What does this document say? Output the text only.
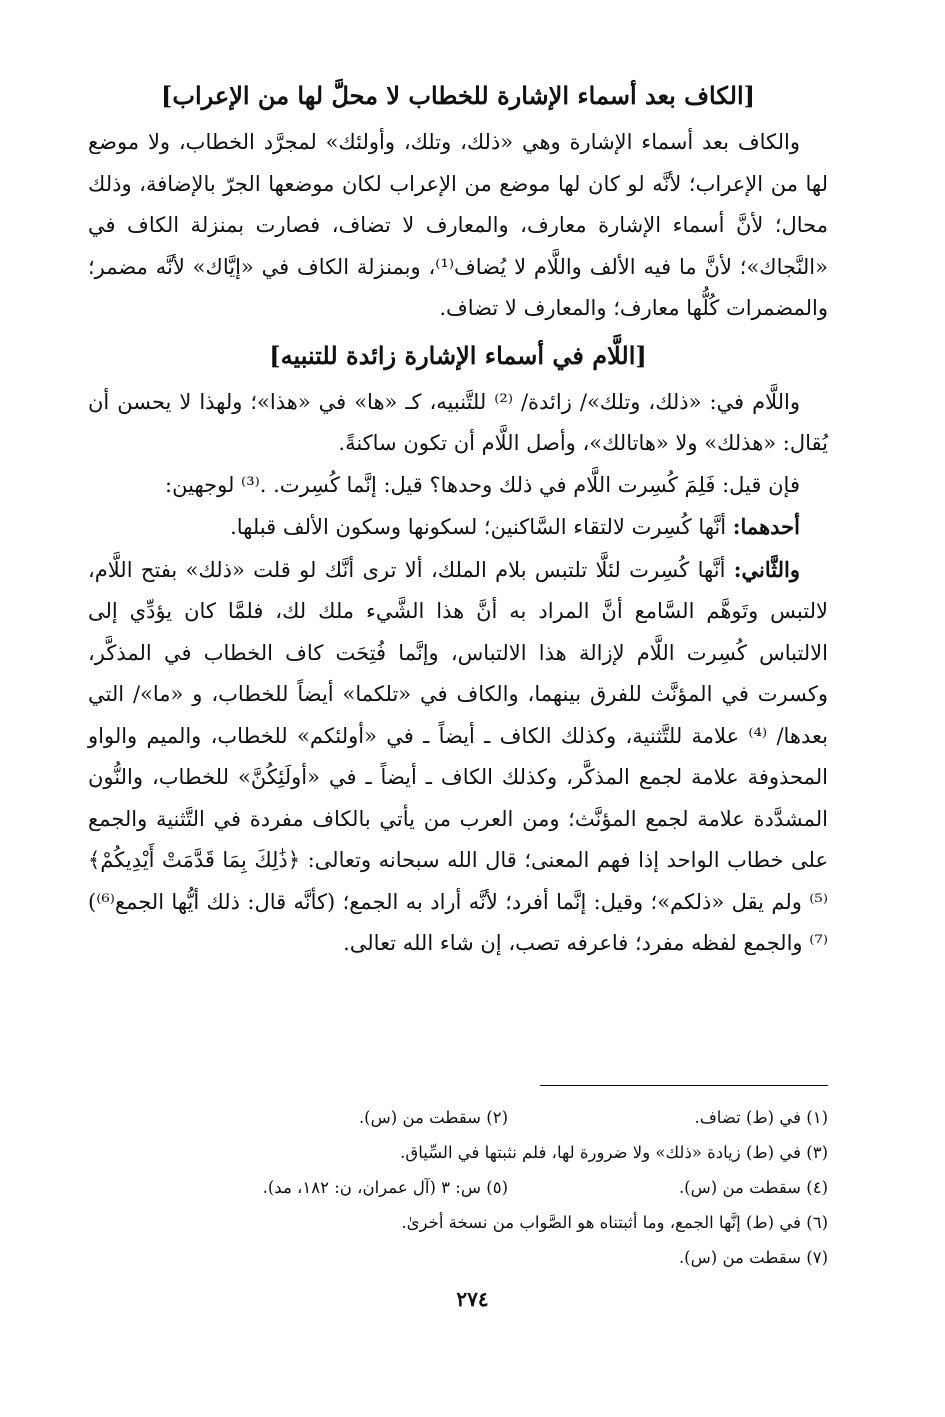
[الكاف بعد أسماء الإشارة للخطاب لا محلَّ لها من الإعراب]

والكاف بعد أسماء الإشارة وهي «ذلك، وتلك، وأولئك» لمجرَّد الخطاب، ولا موضع لها من الإعراب؛ لأنَّه لو كان لها موضع من الإعراب لكان موضعها الجرّ بالإضافة، وذلك محال؛ لأنَّ أسماء الإشارة معارف، والمعارف لا تضاف، فصارت بمنزلة الكاف في «النَّجاك»؛ لأنَّ ما فيه الألف واللَّام لا يُضاف⁽¹⁾، وبمنزلة الكاف في «إيَّاك» لأنَّه مضمر؛ والمضمرات كُلُّها معارف؛ والمعارف لا تضاف.

[اللَّام في أسماء الإشارة زائدة للتنبيه]

واللَّام في: «ذلك، وتلك»/ زائدة/ ⁽²⁾ للتَّنبيه، كـ «ها» في «هذا»؛ ولهذا لا يحسن أن يُقال: «هذلك» ولا «هاتالك»، وأصل اللَّام أن تكون ساكنةً.

فإن قيل: فَلِمَ كُسِرت اللَّام في ذلك وحدها؟ قيل: إنَّما كُسِرت. .⁽³⁾ لوجهين:

أحدهما: أنَّها كُسِرت لالتقاء السَّاكنين؛ لسكونها وسكون الألف قبلها.

والثَّاني: أنَّها كُسِرت لئلَّا تلتبس بلام الملك، ألا ترى أنَّك لو قلت «ذلك» بفتح اللَّام، لالتبس وتَوهَّم السَّامع أنَّ المراد به أنَّ هذا الشَّيء ملك لك، فلمَّا كان يؤدِّي إلى الالتباس كُسِرت اللَّام لإزالة هذا الالتباس، وإنَّما فُتِحَت كاف الخطاب في المذكَّر، وكسرت في المؤنَّث للفرق بينهما، والكاف في «تلكما» أيضاً للخطاب، و «ما»/ التي بعدها/ ⁽⁴⁾ علامة للتَّثنية، وكذلك الكاف ـ أيضاً ـ في «أولئكم» للخطاب، والميم والواو المحذوفة علامة لجمع المذكَّر، وكذلك الكاف ـ أيضاً ـ في «أولَئِكُنَّ» للخطاب، والنُّون المشدَّدة علامة لجمع المؤنَّث؛ ومن العرب من يأتي بالكاف مفردة في التَّثنية والجمع على خطاب الواحد إذا فهم المعنى؛ قال الله سبحانه وتعالى: ﴿ذَٰلِكَ بِمَا قَدَّمَتْ أَيْدِيكُمْ﴾⁽⁵⁾ ولم يقل «ذلكم»؛ وقيل: إنَّما أفرد؛ لأنَّه أراد به الجمع؛ (كأنَّه قال: ذلك أيُّها الجمع⁽⁶⁾)⁽⁷⁾ والجمع لفظه مفرد؛ فاعرفه تصب، إن شاء الله تعالى.

(١) في (ط) تضاف.
(٢) سقطت من (س).
(٣) في (ط) زيادة «ذلك» ولا ضرورة لها، فلم نثبتها في السِّياق.
(٤) سقطت من (س).
(٥) س: ٣ (آل عمران، ن: ١٨٢، مد).
(٦) في (ط) إنَّها الجمع، وما أثبتناه هو الصَّواب من نسخة أخرىٰ.
(٧) سقطت من (س).
٢٧٤
